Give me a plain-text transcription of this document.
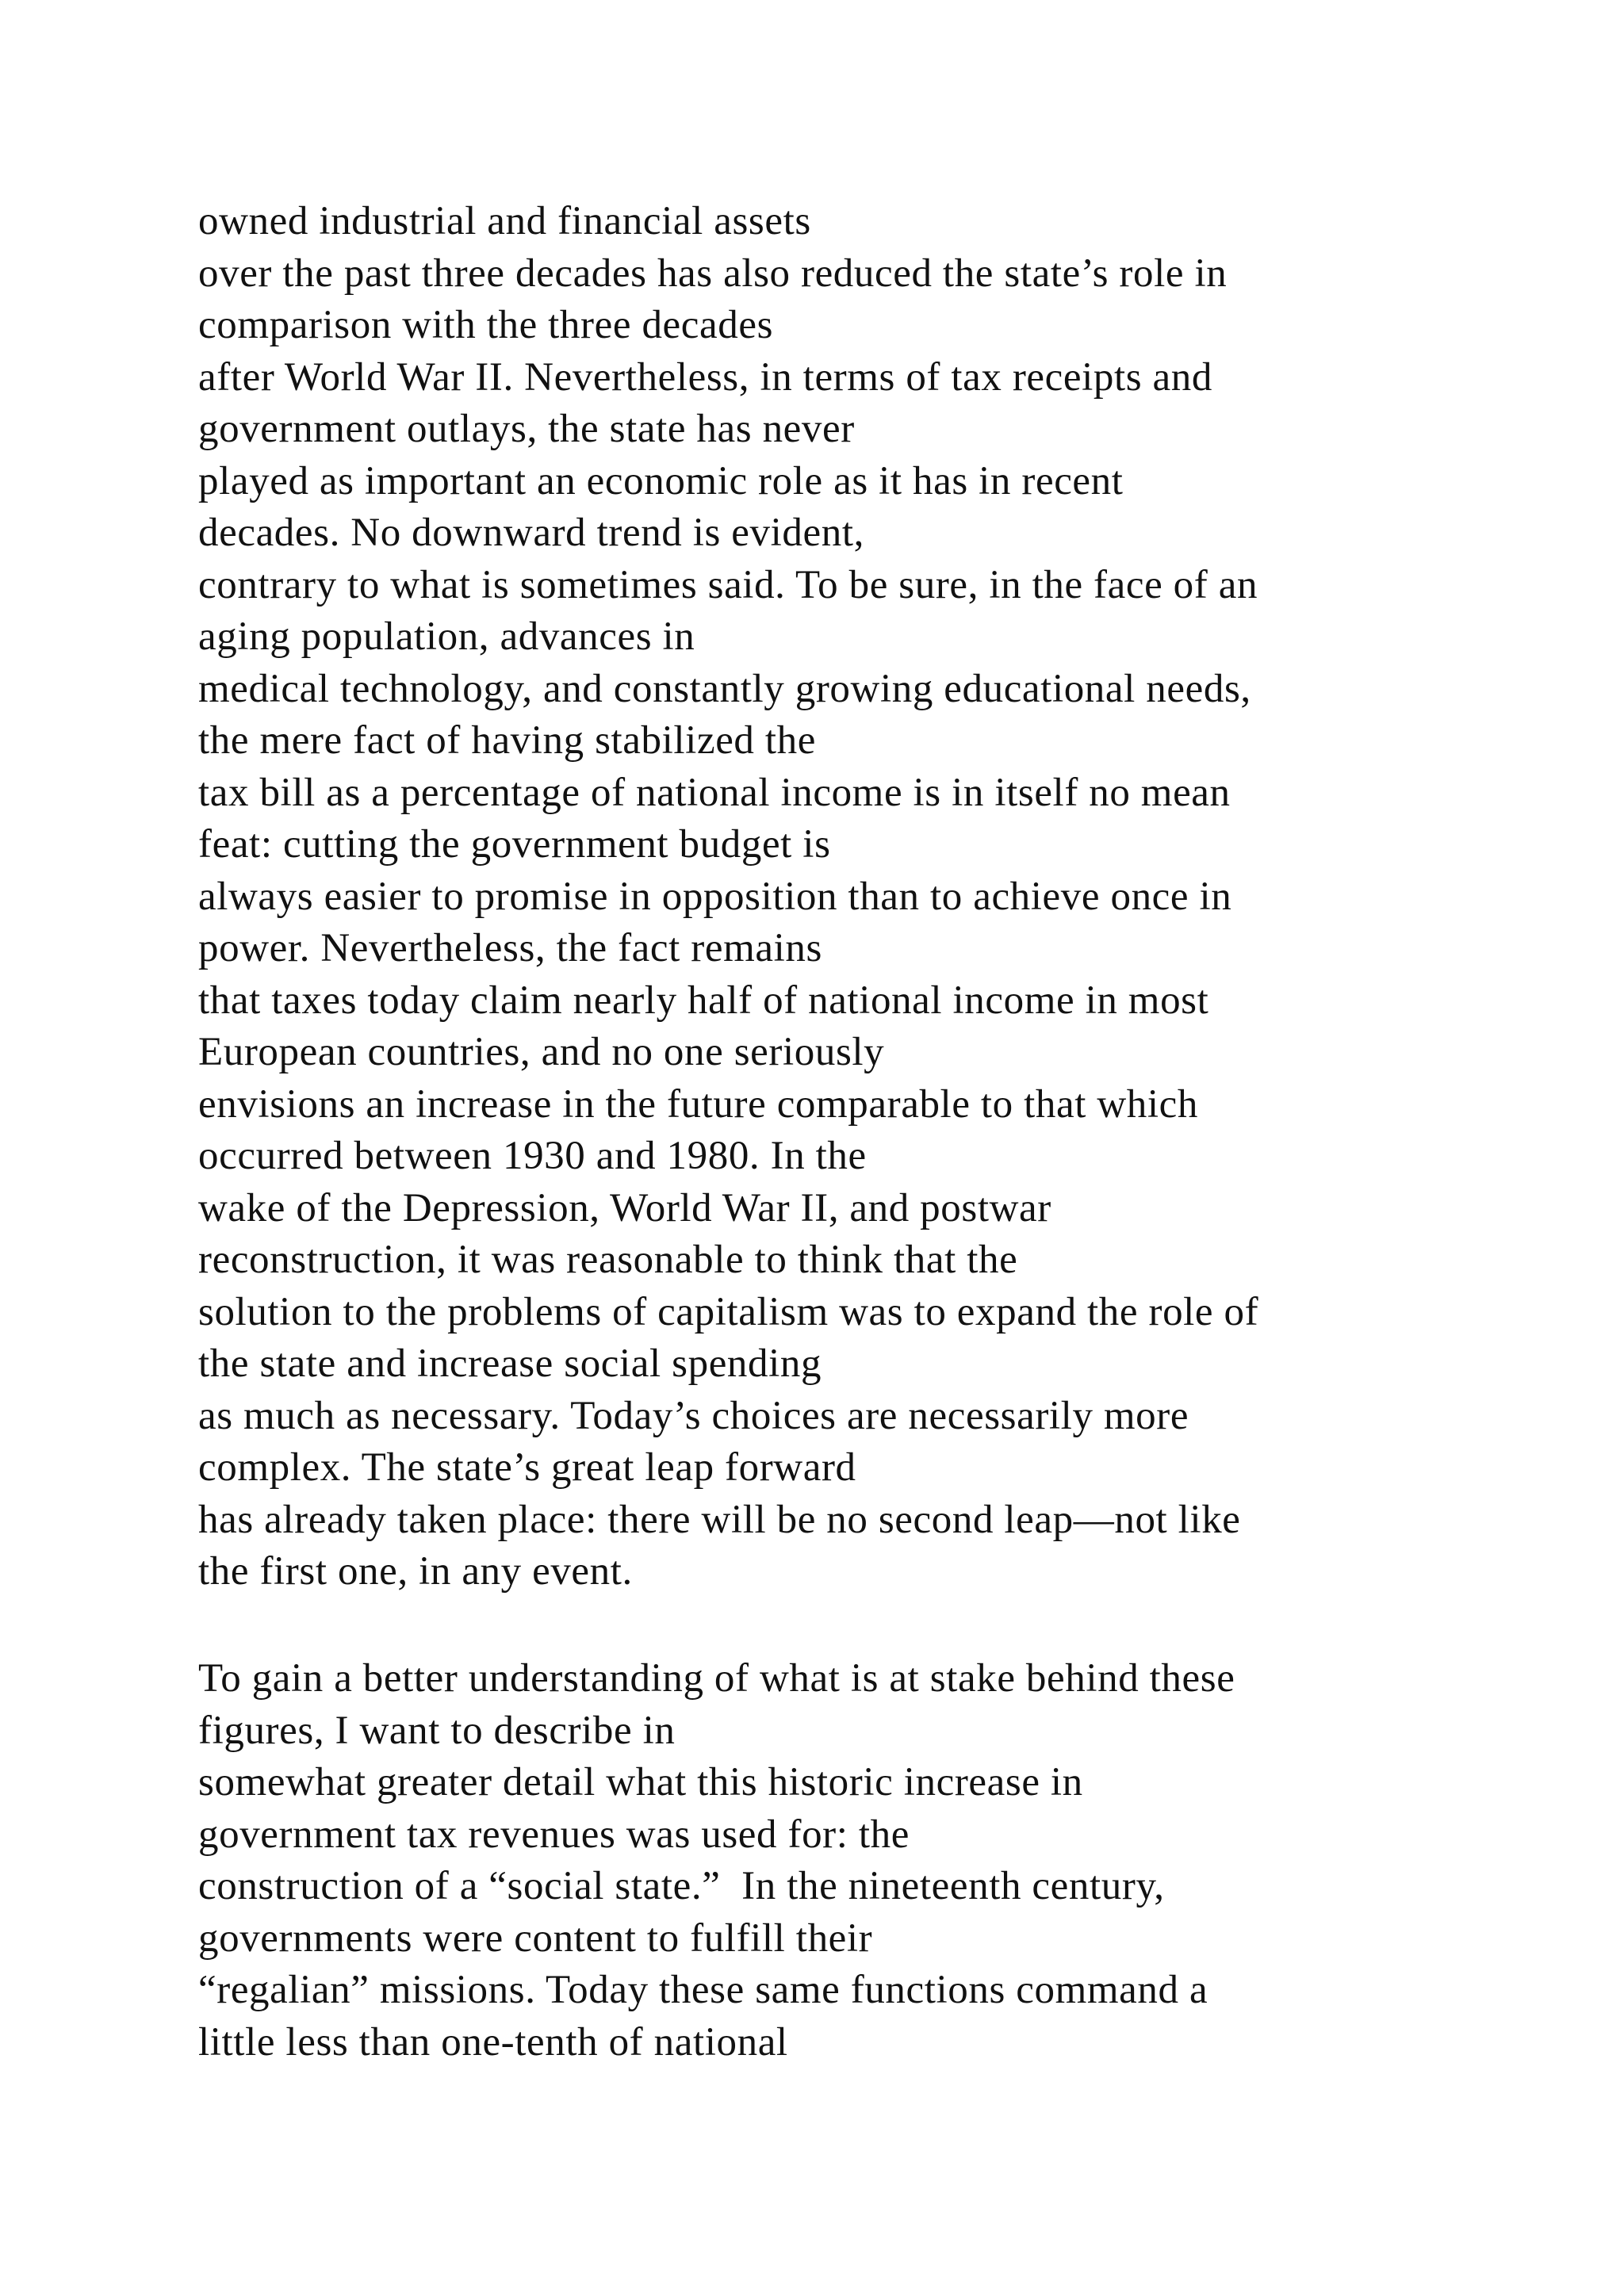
owned industrial and financial assets
over the past three decades has also reduced the state’s role in
comparison with the three decades
after World War II. Nevertheless, in terms of tax receipts and
government outlays, the state has never
played as important an economic role as it has in recent
decades. No downward trend is evident,
contrary to what is sometimes said. To be sure, in the face of an
aging population, advances in
medical technology, and constantly growing educational needs,
the mere fact of having stabilized the
tax bill as a percentage of national income is in itself no mean
feat: cutting the government budget is
always easier to promise in opposition than to achieve once in
power. Nevertheless, the fact remains
that taxes today claim nearly half of national income in most
European countries, and no one seriously
envisions an increase in the future comparable to that which
occurred between 1930 and 1980. In the
wake of the Depression, World War II, and postwar
reconstruction, it was reasonable to think that the
solution to the problems of capitalism was to expand the role of
the state and increase social spending
as much as necessary. Today’s choices are necessarily more
complex. The state’s great leap forward
has already taken place: there will be no second leap—not like
the first one, in any event.
To gain a better understanding of what is at stake behind these
figures, I want to describe in
somewhat greater detail what this historic increase in
government tax revenues was used for: the
construction of a “social state.”  In the nineteenth century,
governments were content to fulfill their
“regalian” missions. Today these same functions command a
little less than one-tenth of national
